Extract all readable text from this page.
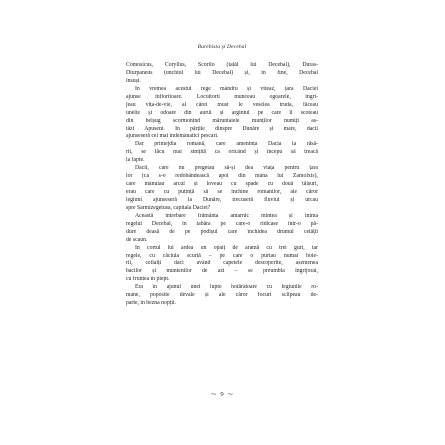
Burebista și Decebal
Comosicus, Coryllus, Scorilo (tatăl lui Decebal), Duras-
Diurpaneus (unchiul lui Decebal) și, în fine, Decebal
însuși.
În vremea acestui rege mândru și viteaz, țara Daciei
ajunse înfloritoare. Locuitorii munceau ogoarele, îngri-
jeau vița-de-vie, al cărei must le veselea truda, făceau
unelte și odoare din aurul și argintul pe care îl scoteau
din belșug scormonind măruntaiele munților numiți as-
tăzi Apuseni. În părțile dinspre Dunăre și mare, dacii
ajunseseră cei mai îndemânatici pescari.
Dar primejdia romană, care amenința Dacia la răsă-
rit, se făcu mai simțită ca oricând și începu să treacă
la fapte.
Dacii, care nu pregetau să-și dea viața pentru țara
lor (ca s-o redobândească apoi din mâna lui Zamolxis),
care mânuiau arcul și loveau cu spade cu două tăișuri,
erau care cu putință să se închine romanilor, ale căror
legiuni ajunseseră la Dunăre, trecuseră fluviul și urcau
spre Sarmizegetusa, capitala Daciei?
Această întrebare frământa amarnic mintea și inima
regelui Decebal, în tabăra pe care-o ridicase într-o pă-
dure deasă de pe podișul care închidea drumul cetății
de scaun.
În cortul lui ardea un opaiț de aramă cu trei guri, iar
regele, cu căciula scurtă – pe care o purtau numai boie-
rii, ceilalți daci având capetele descoperite, asemenea
bacilor și muntenilor de azi – se preumbla îngrijorat,
cu fruntea în piept.
Era în ajunul unei lupte hotărâtoare cu legiunile ro-
mane, poposite devale și ale căror focuri sclipeau de-
parte, în bezna nopții.
⁓ 9 ⁓
